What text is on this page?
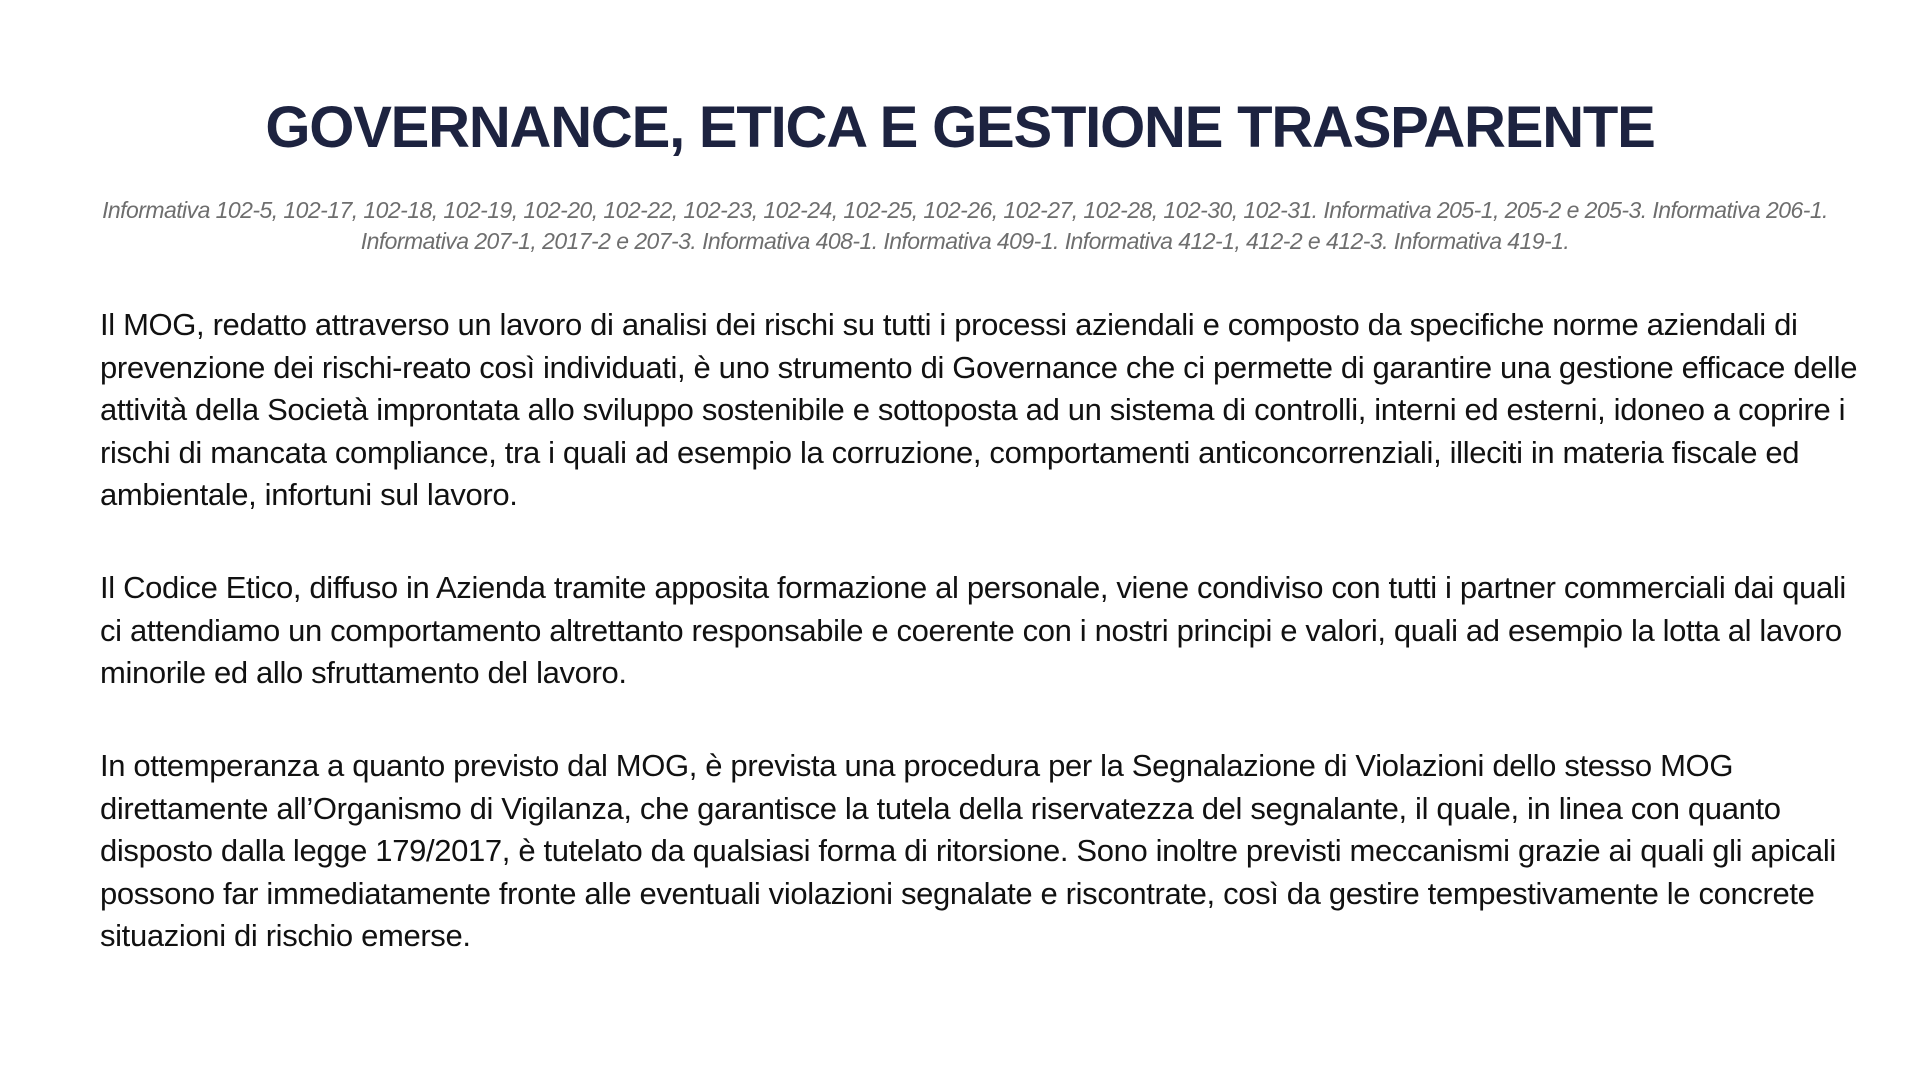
GOVERNANCE, ETICA E GESTIONE TRASPARENTE
Informativa 102-5, 102-17, 102-18, 102-19, 102-20, 102-22, 102-23, 102-24, 102-25, 102-26, 102-27, 102-28, 102-30, 102-31. Informativa 205-1, 205-2 e 205-3. Informativa 206-1. Informativa 207-1, 2017-2 e 207-3. Informativa 408-1. Informativa 409-1. Informativa 412-1, 412-2 e 412-3. Informativa 419-1.

Il MOG, redatto attraverso un lavoro di analisi dei rischi su tutti i processi aziendali e composto da specifiche norme aziendali di prevenzione dei rischi-reato così individuati, è uno strumento di Governance che ci permette di garantire una gestione efficace delle attività della Società improntata allo sviluppo sostenibile e sottoposta ad un sistema di controlli, interni ed esterni, idoneo a coprire i rischi di mancata compliance, tra i quali ad esempio la corruzione, comportamenti anticoncorrenziali, illeciti in materia fiscale ed ambientale, infortuni sul lavoro.

Il Codice Etico, diffuso in Azienda tramite apposita formazione al personale, viene condiviso con tutti i partner commerciali dai quali ci attendiamo un comportamento altrettanto responsabile e coerente con i nostri principi e valori, quali ad esempio la lotta al lavoro minorile ed allo sfruttamento del lavoro.

In ottemperanza a quanto previsto dal MOG, è prevista una procedura per la Segnalazione di Violazioni dello stesso MOG direttamente all’Organismo di Vigilanza, che garantisce la tutela della riservatezza del segnalante, il quale, in linea con quanto disposto dalla legge 179/2017, è tutelato da qualsiasi forma di ritorsione. Sono inoltre previsti meccanismi grazie ai quali gli apicali possono far immediatamente fronte alle eventuali violazioni segnalate e riscontrate, così da gestire tempestivamente le concrete situazioni di rischio emerse.
